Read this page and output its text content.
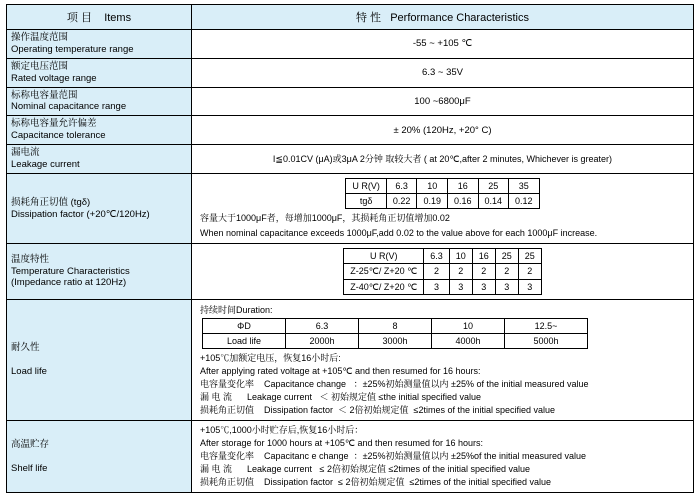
项 目 Items	特 性 Performance Characteristics

操作温度范围
Operating temperature range	-55 ~ +105 ℃

额定电压范围
Rated voltage range	6.3 ~ 35V

标称电容量范围
Nominal capacitance range	100 ~6800μF

标称电容量允许偏差
Capacitance tolerance	± 20% (120Hz, +20° C)

漏电流
Leakage current	I≦0.01CV (μA)或3μA 2分钟 取较大者 ( at 20℃,after 2 minutes, Whichever is greater)

损耗角正切值 (tgδ)
Dissipation factor (+20℃/120Hz)

U R(V)	6.3	10	16	25	35
tgδ	0.22	0.19	0.16	0.14	0.12
容量大于1000μF者，每增加1000μF，其损耗角正切值增加0.02
When nominal capacitance exceeds 1000μF,add 0.02 to the value above for each 1000μF increase.

温度特性
Temperature Characteristics
(Impedance ratio at 120Hz)

U R(V)	6.3	10	16	25	25
Z-25℃/ Z+20 ℃	2	2	2	2	2
Z-40℃/ Z+20 ℃	3	3	3	3	3

耐久性

Load life

持续时间Duration:
ΦD	6.3	8	10	12.5~
Load life	2000h	3000h	4000h	5000h
+105℃加额定电压，恢复16小时后:
After applying rated voltage at +105℃ and then resumed for 16 hours:
电容量变化率    Capacitance change   ：±25%初始测量值以内 ±25% of the initial measured value
漏 电 流      Leakage current   ＜ 初始规定值 ≤the initial specified value
损耗角正切值    Dissipation factor  ＜ 2倍初始规定值  ≤2times of the initial specified value

高温贮存

Shelf life

+105℃,1000小时贮存后,恢复16小时后：
After storage for 1000 hours at +105℃ and then resumed for 16 hours:
电容量变化率    Capacitanc e change  ：±25%初始测量值以内 ±25%of the initial measured value
漏 电 流      Leakage current   ≤ 2倍初始规定值 ≤2times of the initial specified value
损耗角正切值    Dissipation factor  ≤ 2倍初始规定值  ≤2times of the initial specified value
